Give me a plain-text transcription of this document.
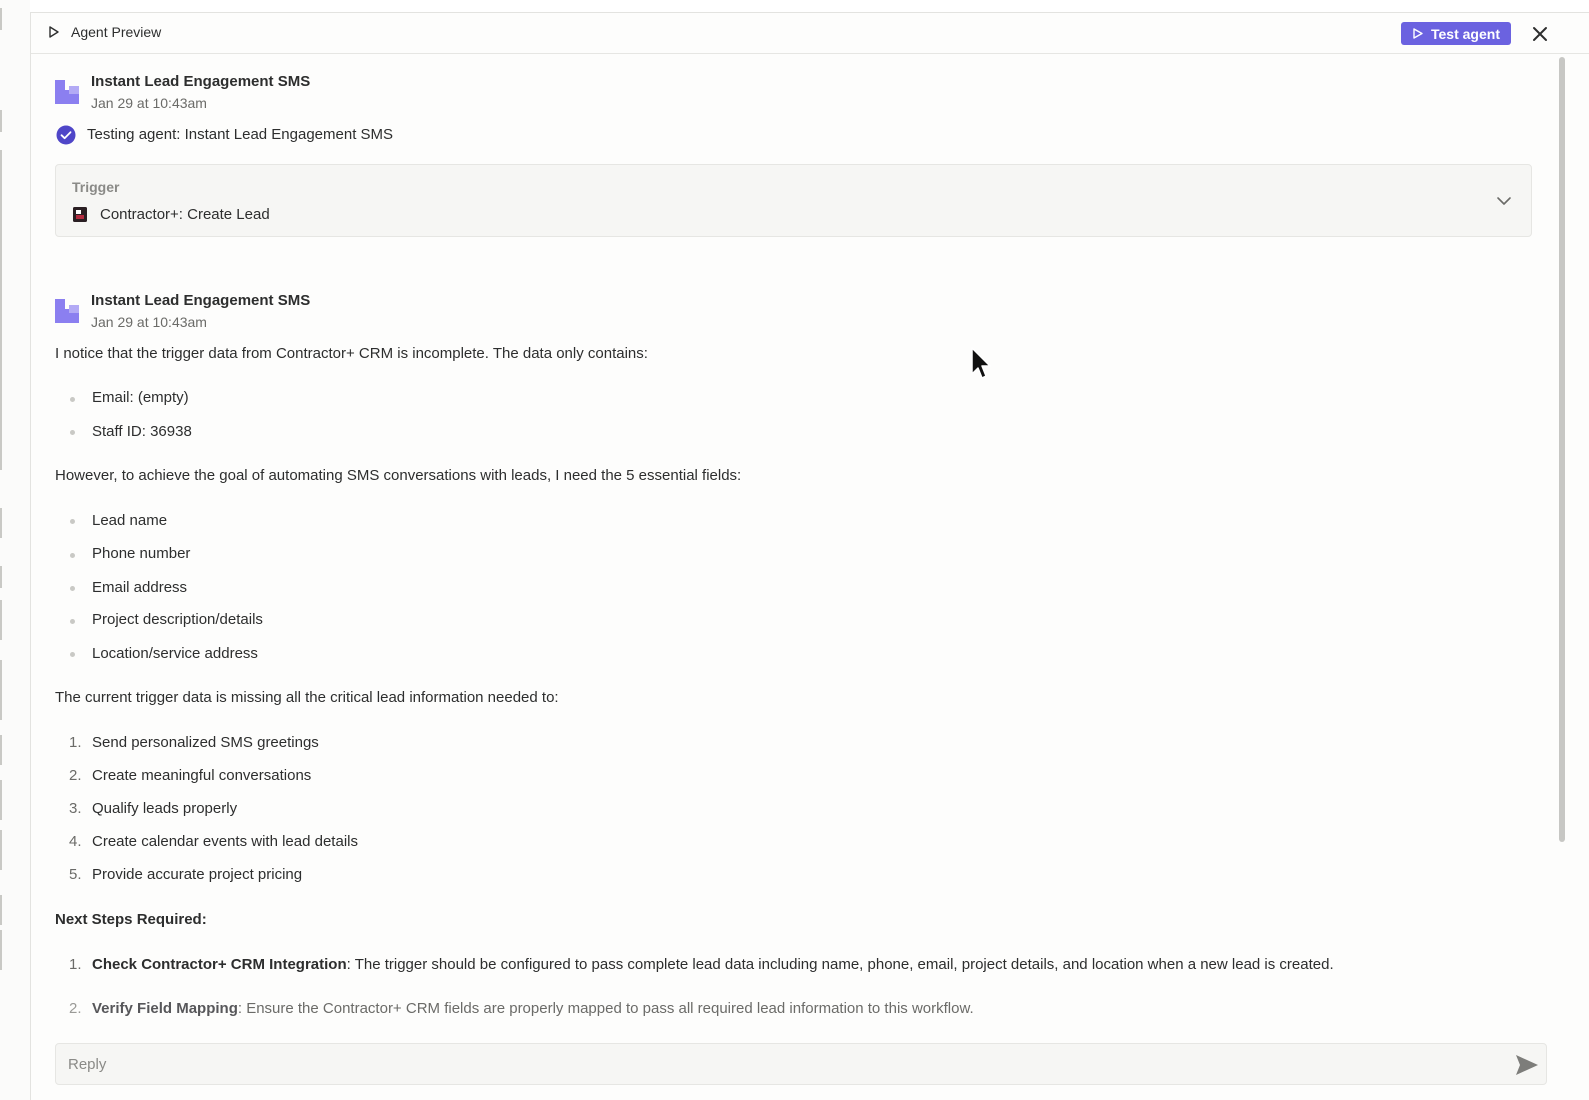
Agent Preview	Test agent
Instant Lead Engagement SMS
Jan 29 at 10:43am
Testing agent: Instant Lead Engagement SMS
Trigger
Contractor+: Create Lead
Instant Lead Engagement SMS
Jan 29 at 10:43am
I notice that the trigger data from Contractor+ CRM is incomplete. The data only contains:
Email: (empty)
Staff ID: 36938
However, to achieve the goal of automating SMS conversations with leads, I need the 5 essential fields:
Lead name
Phone number
Email address
Project description/details
Location/service address
The current trigger data is missing all the critical lead information needed to:
1. Send personalized SMS greetings
2. Create meaningful conversations
3. Qualify leads properly
4. Create calendar events with lead details
5. Provide accurate project pricing
Next Steps Required:
1. Check Contractor+ CRM Integration: The trigger should be configured to pass complete lead data including name, phone, email, project details, and location when a new lead is created.
2. Verify Field Mapping: Ensure the Contractor+ CRM fields are properly mapped to pass all required lead information to this workflow.
Reply
